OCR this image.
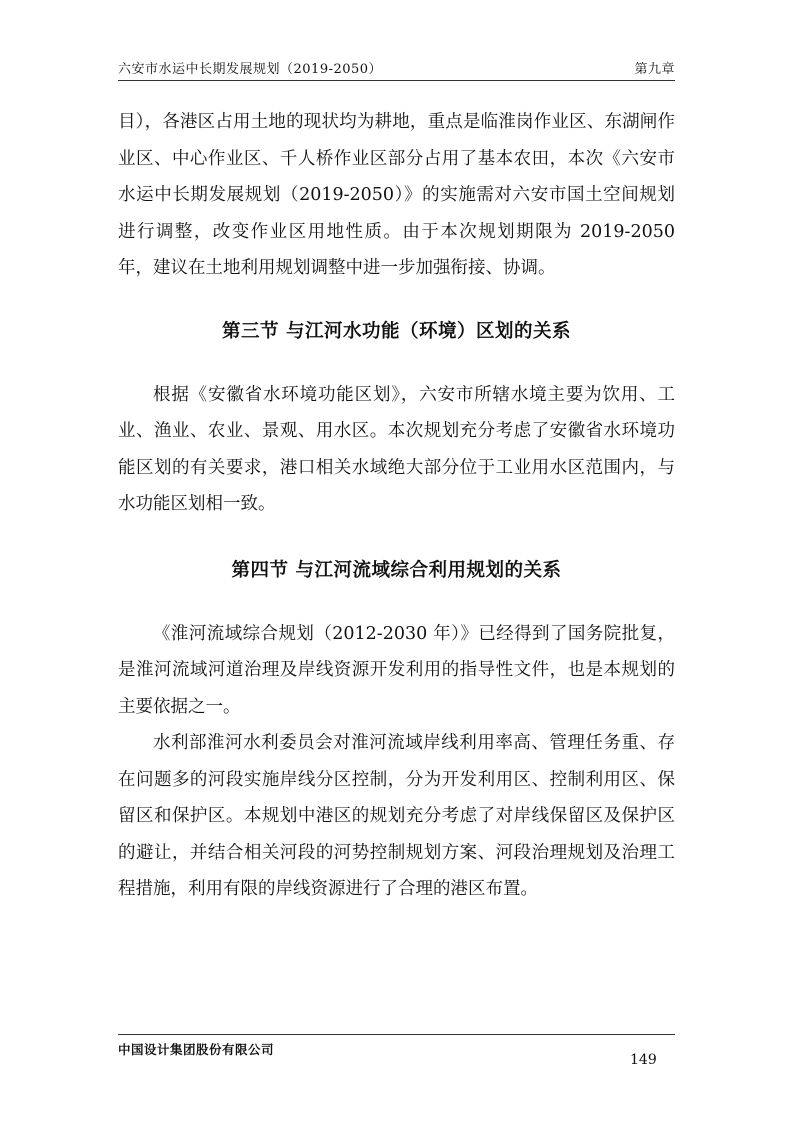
六安市水运中长期发展规划（2019-2050）	第九章

目），各港区占用土地的现状均为耕地，重点是临淮岗作业区、东湖闸作业区、中心作业区、千人桥作业区部分占用了基本农田，本次《六安市水运中长期发展规划（2019-2050）》的实施需对六安市国土空间规划进行调整，改变作业区用地性质。由于本次规划期限为 2019-2050 年，建议在土地利用规划调整中进一步加强衔接、协调。

第三节 与江河水功能（环境）区划的关系

根据《安徽省水环境功能区划》，六安市所辖水境主要为饮用、工业、渔业、农业、景观、用水区。本次规划充分考虑了安徽省水环境功能区划的有关要求，港口相关水域绝大部分位于工业用水区范围内，与水功能区划相一致。

第四节 与江河流域综合利用规划的关系

《淮河流域综合规划（2012-2030 年）》已经得到了国务院批复，是淮河流域河道治理及岸线资源开发利用的指导性文件，也是本规划的主要依据之一。

水利部淮河水利委员会对淮河流域岸线利用率高、管理任务重、存在问题多的河段实施岸线分区控制，分为开发利用区、控制利用区、保留区和保护区。本规划中港区的规划充分考虑了对岸线保留区及保护区的避让，并结合相关河段的河势控制规划方案、河段治理规划及治理工程措施，利用有限的岸线资源进行了合理的港区布置。

中国设计集团股份有限公司
149
